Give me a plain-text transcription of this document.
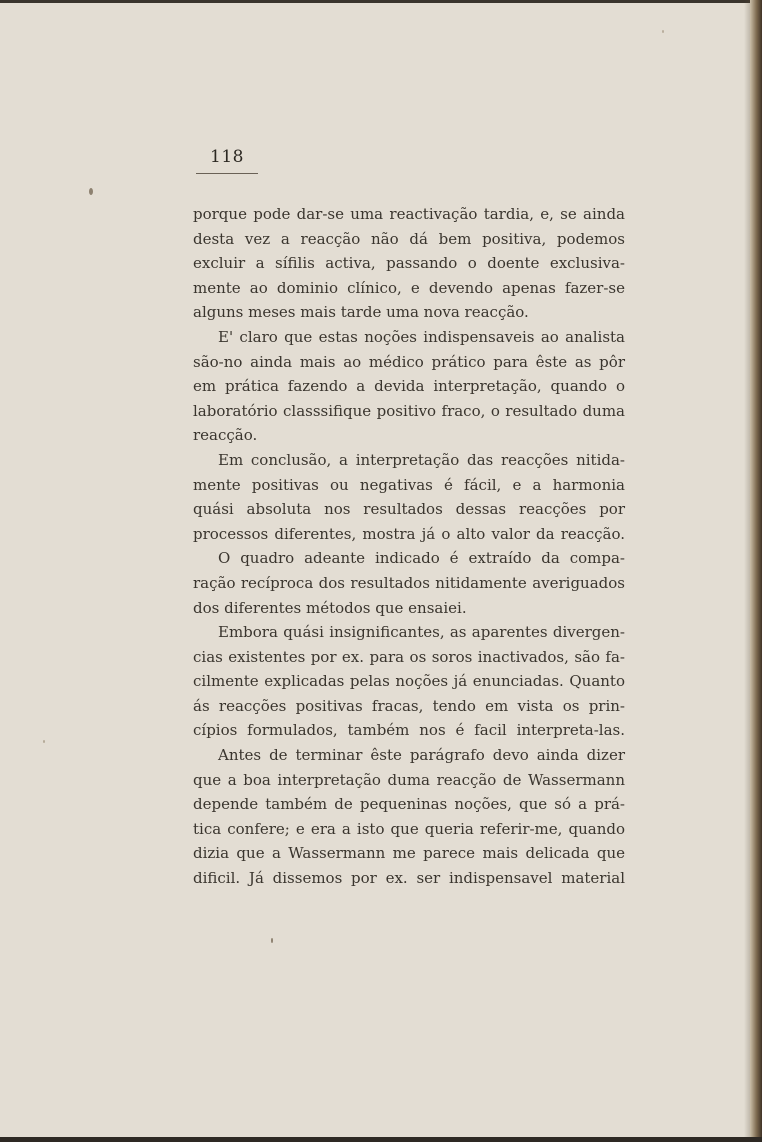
118
porque pode dar-se uma reactivação tardia, e, se ainda
desta vez a reacção não dá bem positiva, podemos
excluir a sífilis activa, passando o doente exclusiva-
mente ao dominio clínico, e devendo apenas fazer-se
alguns meses mais tarde uma nova reacção.
E' claro que estas noções indispensaveis ao analista
são-no ainda mais ao médico prático para êste as pôr
em prática fazendo a devida interpretação, quando o
laboratório classsifique positivo fraco, o resultado duma
reacção.
Em conclusão, a interpretação das reacções nitida-
mente positivas ou negativas é fácil, e a harmonia
quási absoluta nos resultados dessas reacções por
processos diferentes, mostra já o alto valor da reacção.
O quadro adeante indicado é extraído da compa-
ração recíproca dos resultados nitidamente averiguados
dos diferentes métodos que ensaiei.
Embora quási insignificantes, as aparentes divergen-
cias existentes por ex. para os soros inactivados, são fa-
cilmente explicadas pelas noções já enunciadas. Quanto
ás reacções positivas fracas, tendo em vista os prin-
cípios formulados, também nos é facil interpreta-las.
Antes de terminar êste parágrafo devo ainda dizer
que a boa interpretação duma reacção de Wassermann
depende também de pequeninas noções, que só a prá-
tica confere; e era a isto que queria referir-me, quando
dizia que a Wassermann me parece mais delicada que
dificil. Já dissemos por ex. ser indispensavel material
